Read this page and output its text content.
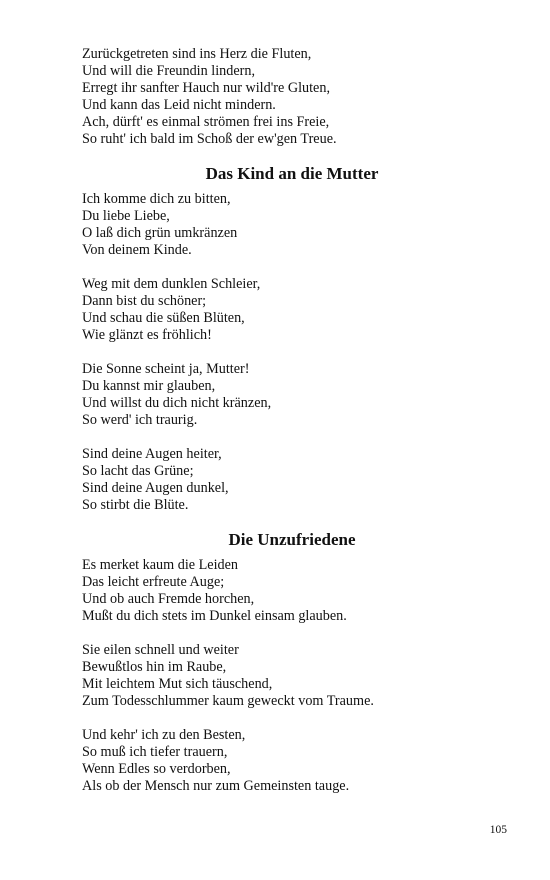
Zurückgetreten sind ins Herz die Fluten,
Und will die Freundin lindern,
Erregt ihr sanfter Hauch nur wild're Gluten,
Und kann das Leid nicht mindern.
Ach, dürft' es einmal strömen frei ins Freie,
So ruht' ich bald im Schoß der ew'gen Treue.
Das Kind an die Mutter
Ich komme dich zu bitten,
Du liebe Liebe,
O laß dich grün umkränzen
Von deinem Kinde.
Weg mit dem dunklen Schleier,
Dann bist du schöner;
Und schau die süßen Blüten,
Wie glänzt es fröhlich!
Die Sonne scheint ja, Mutter!
Du kannst mir glauben,
Und willst du dich nicht kränzen,
So werd' ich traurig.
Sind deine Augen heiter,
So lacht das Grüne;
Sind deine Augen dunkel,
So stirbt die Blüte.
Die Unzufriedene
Es merket kaum die Leiden
Das leicht erfreute Auge;
Und ob auch Fremde horchen,
Mußt du dich stets im Dunkel einsam glauben.
Sie eilen schnell und weiter
Bewußtlos hin im Raube,
Mit leichtem Mut sich täuschend,
Zum Todesschlummer kaum geweckt vom Traume.
Und kehr' ich zu den Besten,
So muß ich tiefer trauern,
Wenn Edles so verdorben,
Als ob der Mensch nur zum Gemeinsten tauge.
105
